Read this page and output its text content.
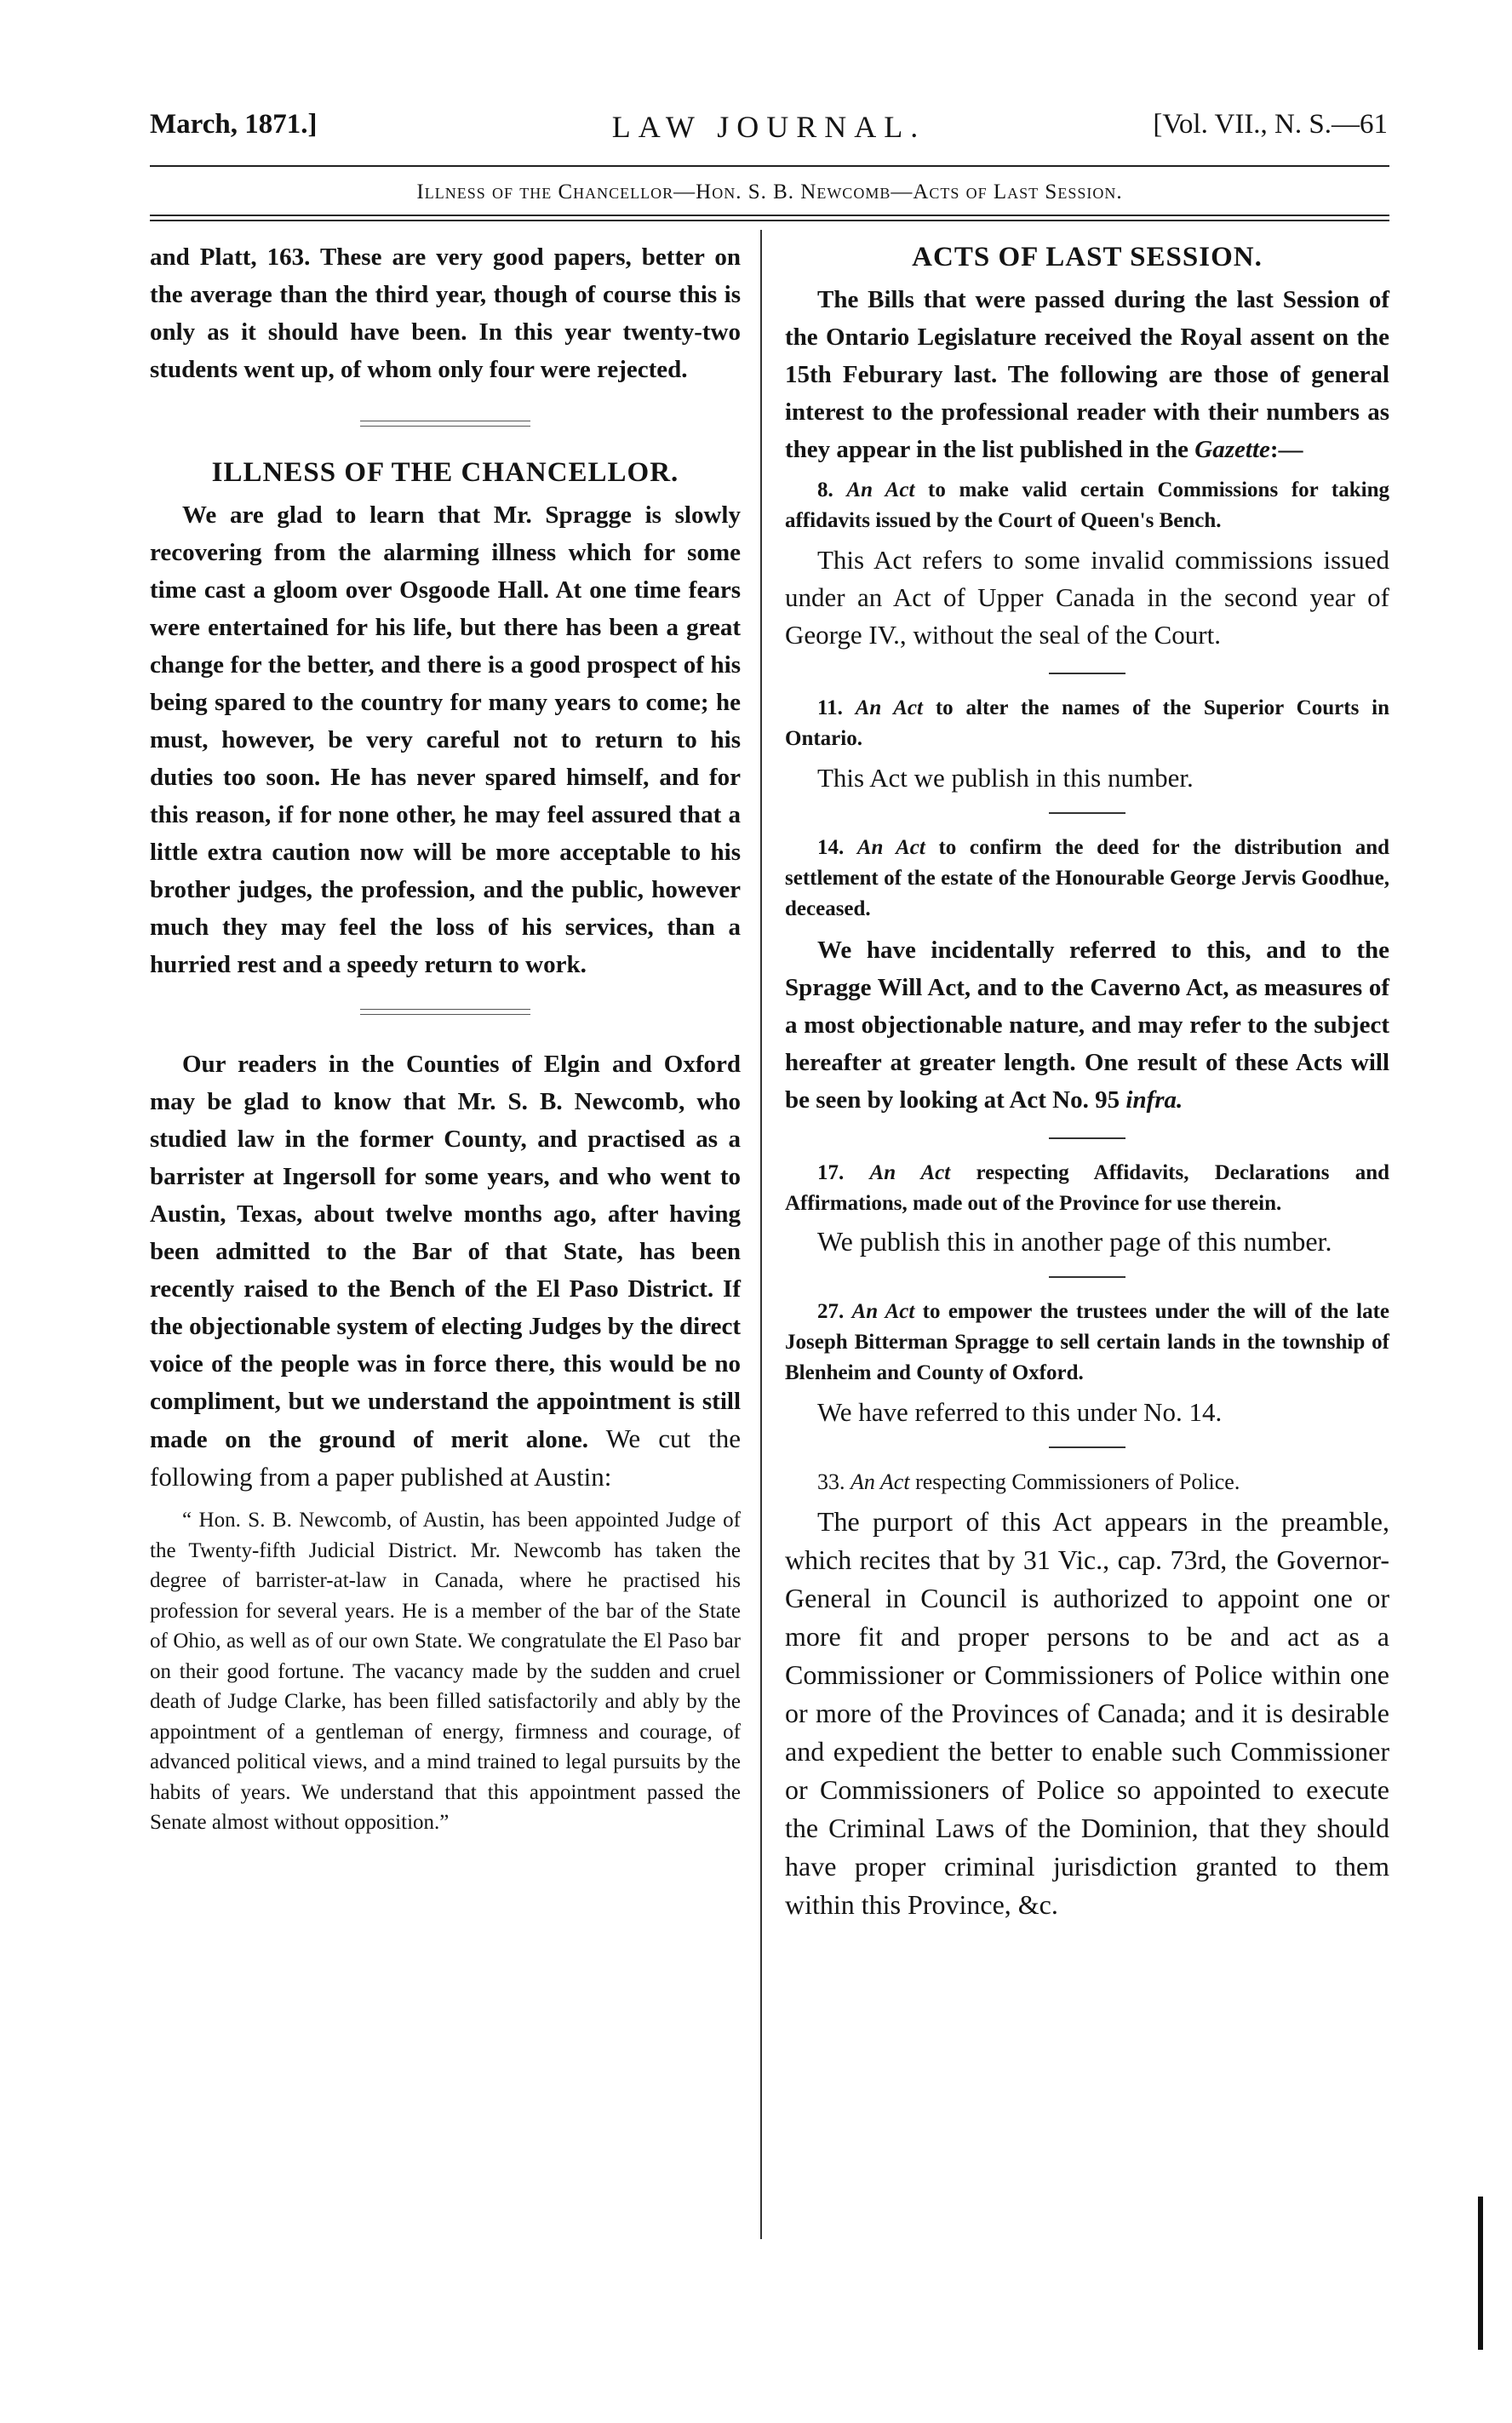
March, 1871.]	LAW JOURNAL.	[Vol. VII., N. S.—61
Illness of the Chancellor—Hon. S. B. Newcomb—Acts of Last Session.

and Platt, 163. These are very good papers, better on the average than the third year, though of course this is only as it should have been. In this year twenty-two students went up, of whom only four were rejected.

ILLNESS OF THE CHANCELLOR.

We are glad to learn that Mr. Spragge is slowly recovering from the alarming illness which for some time cast a gloom over Osgoode Hall. At one time fears were entertained for his life, but there has been a great change for the better, and there is a good prospect of his being spared to the country for many years to come; he must, however, be very careful not to return to his duties too soon. He has never spared himself, and for this reason, if for none other, he may feel assured that a little extra caution now will be more acceptable to his brother judges, the profession, and the public, however much they may feel the loss of his services, than a hurried rest and a speedy return to work.

Our readers in the Counties of Elgin and Oxford may be glad to know that Mr. S. B. Newcomb, who studied law in the former County, and practised as a barrister at Ingersoll for some years, and who went to Austin, Texas, about twelve months ago, after having been admitted to the Bar of that State, has been recently raised to the Bench of the El Paso District. If the objectionable system of electing Judges by the direct voice of the people was in force there, this would be no compliment, but we understand the appointment is still made on the ground of merit alone. We cut the following from a paper published at Austin:

“ Hon. S. B. Newcomb, of Austin, has been appointed Judge of the Twenty-fifth Judicial District. Mr. Newcomb has taken the degree of barrister-at-law in Canada, where he practised his profession for several years. He is a member of the bar of the State of Ohio, as well as of our own State. We congratulate the El Paso bar on their good fortune. The vacancy made by the sudden and cruel death of Judge Clarke, has been filled satisfactorily and ably by the appointment of a gentleman of energy, firmness and courage, of advanced political views, and a mind trained to legal pursuits by the habits of years. We understand that this appointment passed the Senate almost without opposition.”

ACTS OF LAST SESSION.

The Bills that were passed during the last Session of the Ontario Legislature received the Royal assent on the 15th Feburary last. The following are those of general interest to the professional reader with their numbers as they appear in the list published in the Gazette:—

8. An Act to make valid certain Commissions for taking affidavits issued by the Court of Queen's Bench.

This Act refers to some invalid commissions issued under an Act of Upper Canada in the second year of George IV., without the seal of the Court.

11. An Act to alter the names of the Superior Courts in Ontario.

This Act we publish in this number.

14. An Act to confirm the deed for the distribution and settlement of the estate of the Honourable George Jervis Goodhue, deceased.

We have incidentally referred to this, and to the Spragge Will Act, and to the Caverno Act, as measures of a most objectionable nature, and may refer to the subject hereafter at greater length. One result of these Acts will be seen by looking at Act No. 95 infra.

17. An Act respecting Affidavits, Declarations and Affirmations, made out of the Province for use therein.

We publish this in another page of this number.

27. An Act to empower the trustees under the will of the late Joseph Bitterman Spragge to sell certain lands in the township of Blenheim and County of Oxford.

We have referred to this under No. 14.

33. An Act respecting Commissioners of Police.

The purport of this Act appears in the preamble, which recites that by 31 Vic., cap. 73rd, the Governor-General in Council is authorized to appoint one or more fit and proper persons to be and act as a Commissioner or Commissioners of Police within one or more of the Provinces of Canada; and it is desirable and expedient the better to enable such Commissioner or Commissioners of Police so appointed to execute the Criminal Laws of the Dominion, that they should have proper criminal jurisdiction granted to them within this Province, &c.
